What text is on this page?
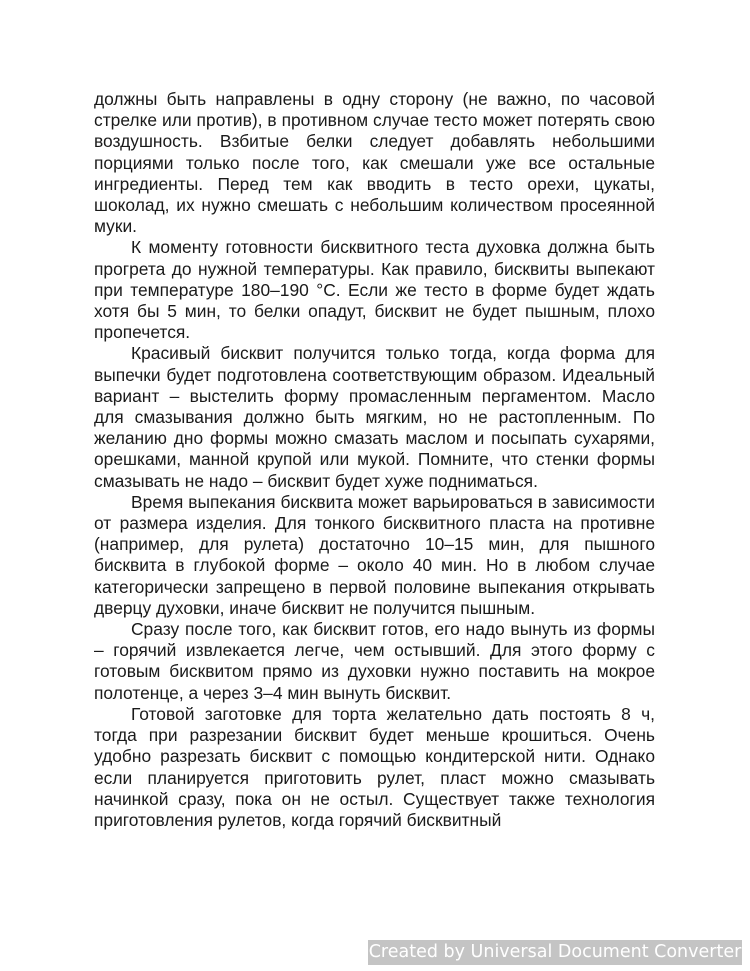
должны быть направлены в одну сторону (не важно, по часовой стрелке или против), в противном случае тесто может потерять свою воздушность. Взбитые белки следует добавлять небольшими порциями только после того, как смешали уже все остальные ингредиенты. Перед тем как вводить в тесто орехи, цукаты, шоколад, их нужно смешать с небольшим количеством просеянной муки.

К моменту готовности бисквитного теста духовка должна быть прогрета до нужной температуры. Как правило, бисквиты выпекают при температуре 180–190 °С. Если же тесто в форме будет ждать хотя бы 5 мин, то белки опадут, бисквит не будет пышным, плохо пропечется.

Красивый бисквит получится только тогда, когда форма для выпечки будет подготовлена соответствующим образом. Идеальный вариант – выстелить форму промасленным пергаментом. Масло для смазывания должно быть мягким, но не растопленным. По желанию дно формы можно смазать маслом и посыпать сухарями, орешками, манной крупой или мукой. Помните, что стенки формы смазывать не надо – бисквит будет хуже подниматься.

Время выпекания бисквита может варьироваться в зависимости от размера изделия. Для тонкого бисквитного пласта на противне (например, для рулета) достаточно 10–15 мин, для пышного бисквита в глубокой форме – около 40 мин. Но в любом случае категорически запрещено в первой половине выпекания открывать дверцу духовки, иначе бисквит не получится пышным.

Сразу после того, как бисквит готов, его надо вынуть из формы – горячий извлекается легче, чем остывший. Для этого форму с готовым бисквитом прямо из духовки нужно поставить на мокрое полотенце, а через 3–4 мин вынуть бисквит.

Готовой заготовке для торта желательно дать постоять 8 ч, тогда при разрезании бисквит будет меньше крошиться. Очень удобно разрезать бисквит с помощью кондитерской нити. Однако если планируется приготовить рулет, пласт можно смазывать начинкой сразу, пока он не остыл. Существует также технология приготовления рулетов, когда горячий бисквитный

Created by Universal Document Converter
